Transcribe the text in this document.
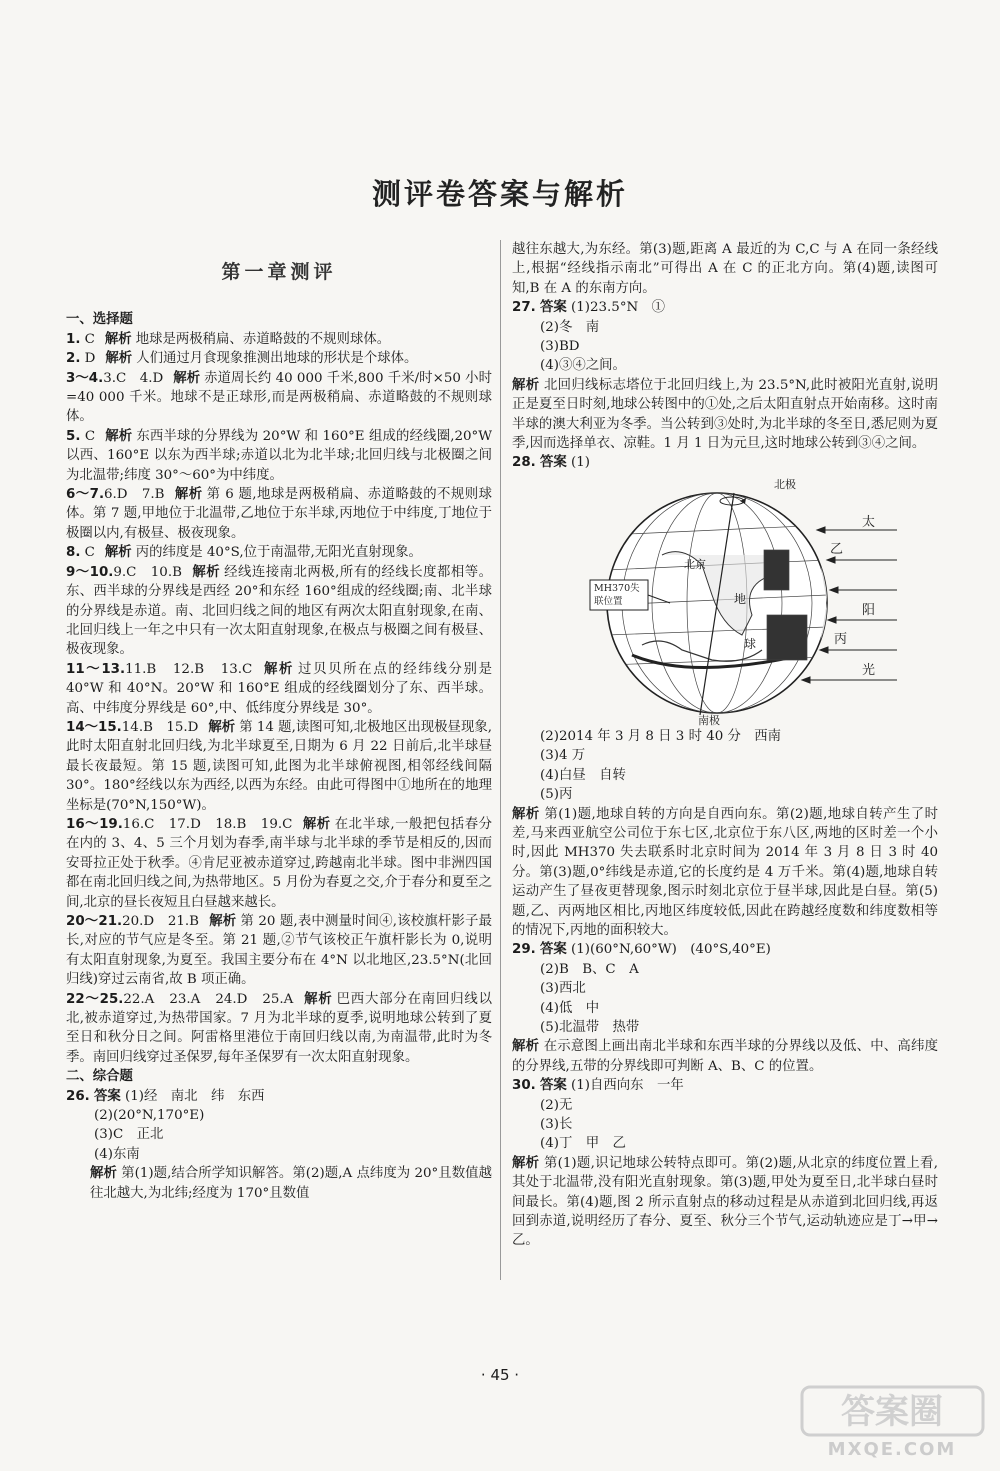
测评卷答案与解析
第一章测评

一、选择题

1. C 解析 地球是两极稍扁、赤道略鼓的不规则球体。

2. D 解析 人们通过月食现象推测出地球的形状是个球体。

3～4.3.C　4.D 解析 赤道周长约 40 000 千米,800 千米/时×50 小时=40 000 千米。地球不是正球形,而是两极稍扁、赤道略鼓的不规则球体。

5. C 解析 东西半球的分界线为 20°W 和 160°E 组成的经线圈,20°W 以西、160°E 以东为西半球;赤道以北为北半球;北回归线与北极圈之间为北温带;纬度 30°～60°为中纬度。

6～7.6.D　7.B 解析 第 6 题,地球是两极稍扁、赤道略鼓的不规则球体。第 7 题,甲地位于北温带,乙地位于东半球,丙地位于中纬度,丁地位于极圈以内,有极昼、极夜现象。

8. C 解析 丙的纬度是 40°S,位于南温带,无阳光直射现象。

9～10.9.C　10.B 解析 经线连接南北两极,所有的经线长度都相等。东、西半球的分界线是西经 20°和东经 160°组成的经线圈;南、北半球的分界线是赤道。南、北回归线之间的地区有两次太阳直射现象,在南、北回归线上一年之中只有一次太阳直射现象,在极点与极圈之间有极昼、极夜现象。

11～13.11.B　12.B　13.C 解析 过贝贝所在点的经纬线分别是 40°W 和 40°N。20°W 和 160°E 组成的经线圈划分了东、西半球。高、中纬度分界线是 60°,中、低纬度分界线是 30°。

14～15.14.B　15.D 解析 第 14 题,读图可知,北极地区出现极昼现象,此时太阳直射北回归线,为北半球夏至,日期为 6 月 22 日前后,北半球昼最长夜最短。第 15 题,读图可知,此图为北半球俯视图,相邻经线间隔 30°。180°经线以东为西经,以西为东经。由此可得图中①地所在的地理坐标是(70°N,150°W)。

16～19.16.C　17.D　18.B　19.C 解析 在北半球,一般把包括春分在内的 3、4、5 三个月划为春季,南半球与北半球的季节是相反的,因而安哥拉正处于秋季。④肯尼亚被赤道穿过,跨越南北半球。图中非洲四国都在南北回归线之间,为热带地区。5 月份为春夏之交,介于春分和夏至之间,北京的昼长夜短且白昼越来越长。

20～21.20.D　21.B 解析 第 20 题,表中测量时间④,该校旗杆影子最长,对应的节气应是冬至。第 21 题,②节气该校正午旗杆影长为 0,说明有太阳直射现象,为夏至。我国主要分布在 4°N 以北地区,23.5°N(北回归线)穿过云南省,故 B 项正确。

22～25.22.A　23.A　24.D　25.A 解析 巴西大部分在南回归线以北,被赤道穿过,为热带国家。7 月为北半球的夏季,说明地球公转到了夏至日和秋分日之间。阿雷格里港位于南回归线以南,为南温带,此时为冬季。南回归线穿过圣保罗,每年圣保罗有一次太阳直射现象。

二、综合题

26. 答案 (1)经　南北　纬　东西

(2)(20°N,170°E)

(3)C　正北

(4)东南

解析 第(1)题,结合所学知识解答。第(2)题,A 点纬度为 20°且数值越往北越大,为北纬;经度为 170°且数值

越往东越大,为东经。第(3)题,距离 A 最近的为 C,C 与 A 在同一条经线上,根据“经线指示南北”可得出 A 在 C 的正北方向。第(4)题,读图可知,B 在 A 的东南方向。

27. 答案 (1)23.5°N　①

(2)冬　南

(3)BD

(4)③④之间。

解析 北回归线标志塔位于北回归线上,为 23.5°N,此时被阳光直射,说明正是夏至日时刻,地球公转图中的①处,之后太阳直射点开始南移。这时南半球的澳大利亚为冬季。当公转到③处时,为北半球的冬至日,悉尼则为夏季,因而选择单衣、凉鞋。1 月 1 日为元旦,这时地球公转到③④之间。

28. 答案 (1)

北极
南极
MH370失联位置
北京
乙
丙
地
球
太
阳
光

(2)2014 年 3 月 8 日 3 时 40 分　西南

(3)4 万

(4)白昼　自转

(5)丙

解析 第(1)题,地球自转的方向是自西向东。第(2)题,地球自转产生了时差,马来西亚航空公司位于东七区,北京位于东八区,两地的区时差一个小时,因此 MH370 失去联系时北京时间为 2014 年 3 月 8 日 3 时 40 分。第(3)题,0°纬线是赤道,它的长度约是 4 万千米。第(4)题,地球自转运动产生了昼夜更替现象,图示时刻北京位于昼半球,因此是白昼。第(5)题,乙、丙两地区相比,丙地区纬度较低,因此在跨越经度数和纬度数相等的情况下,丙地的面积较大。

29. 答案 (1)(60°N,60°W)　(40°S,40°E)

(2)B　B、C　A

(3)西北

(4)低　中

(5)北温带　热带

解析 在示意图上画出南北半球和东西半球的分界线以及低、中、高纬度的分界线,五带的分界线即可判断 A、B、C 的位置。

30. 答案 (1)自西向东　一年

(2)无

(3)长

(4)丁　甲　乙

解析 第(1)题,识记地球公转特点即可。第(2)题,从北京的纬度位置上看,其处于北温带,没有阳光直射现象。第(3)题,甲处为夏至日,北半球白昼时间最长。第(4)题,图 2 所示直射点的移动过程是从赤道到北回归线,再返回到赤道,说明经历了春分、夏至、秋分三个节气,运动轨迹应是丁→甲→乙。

· 45 ·
答案圈
MXQE.COM
